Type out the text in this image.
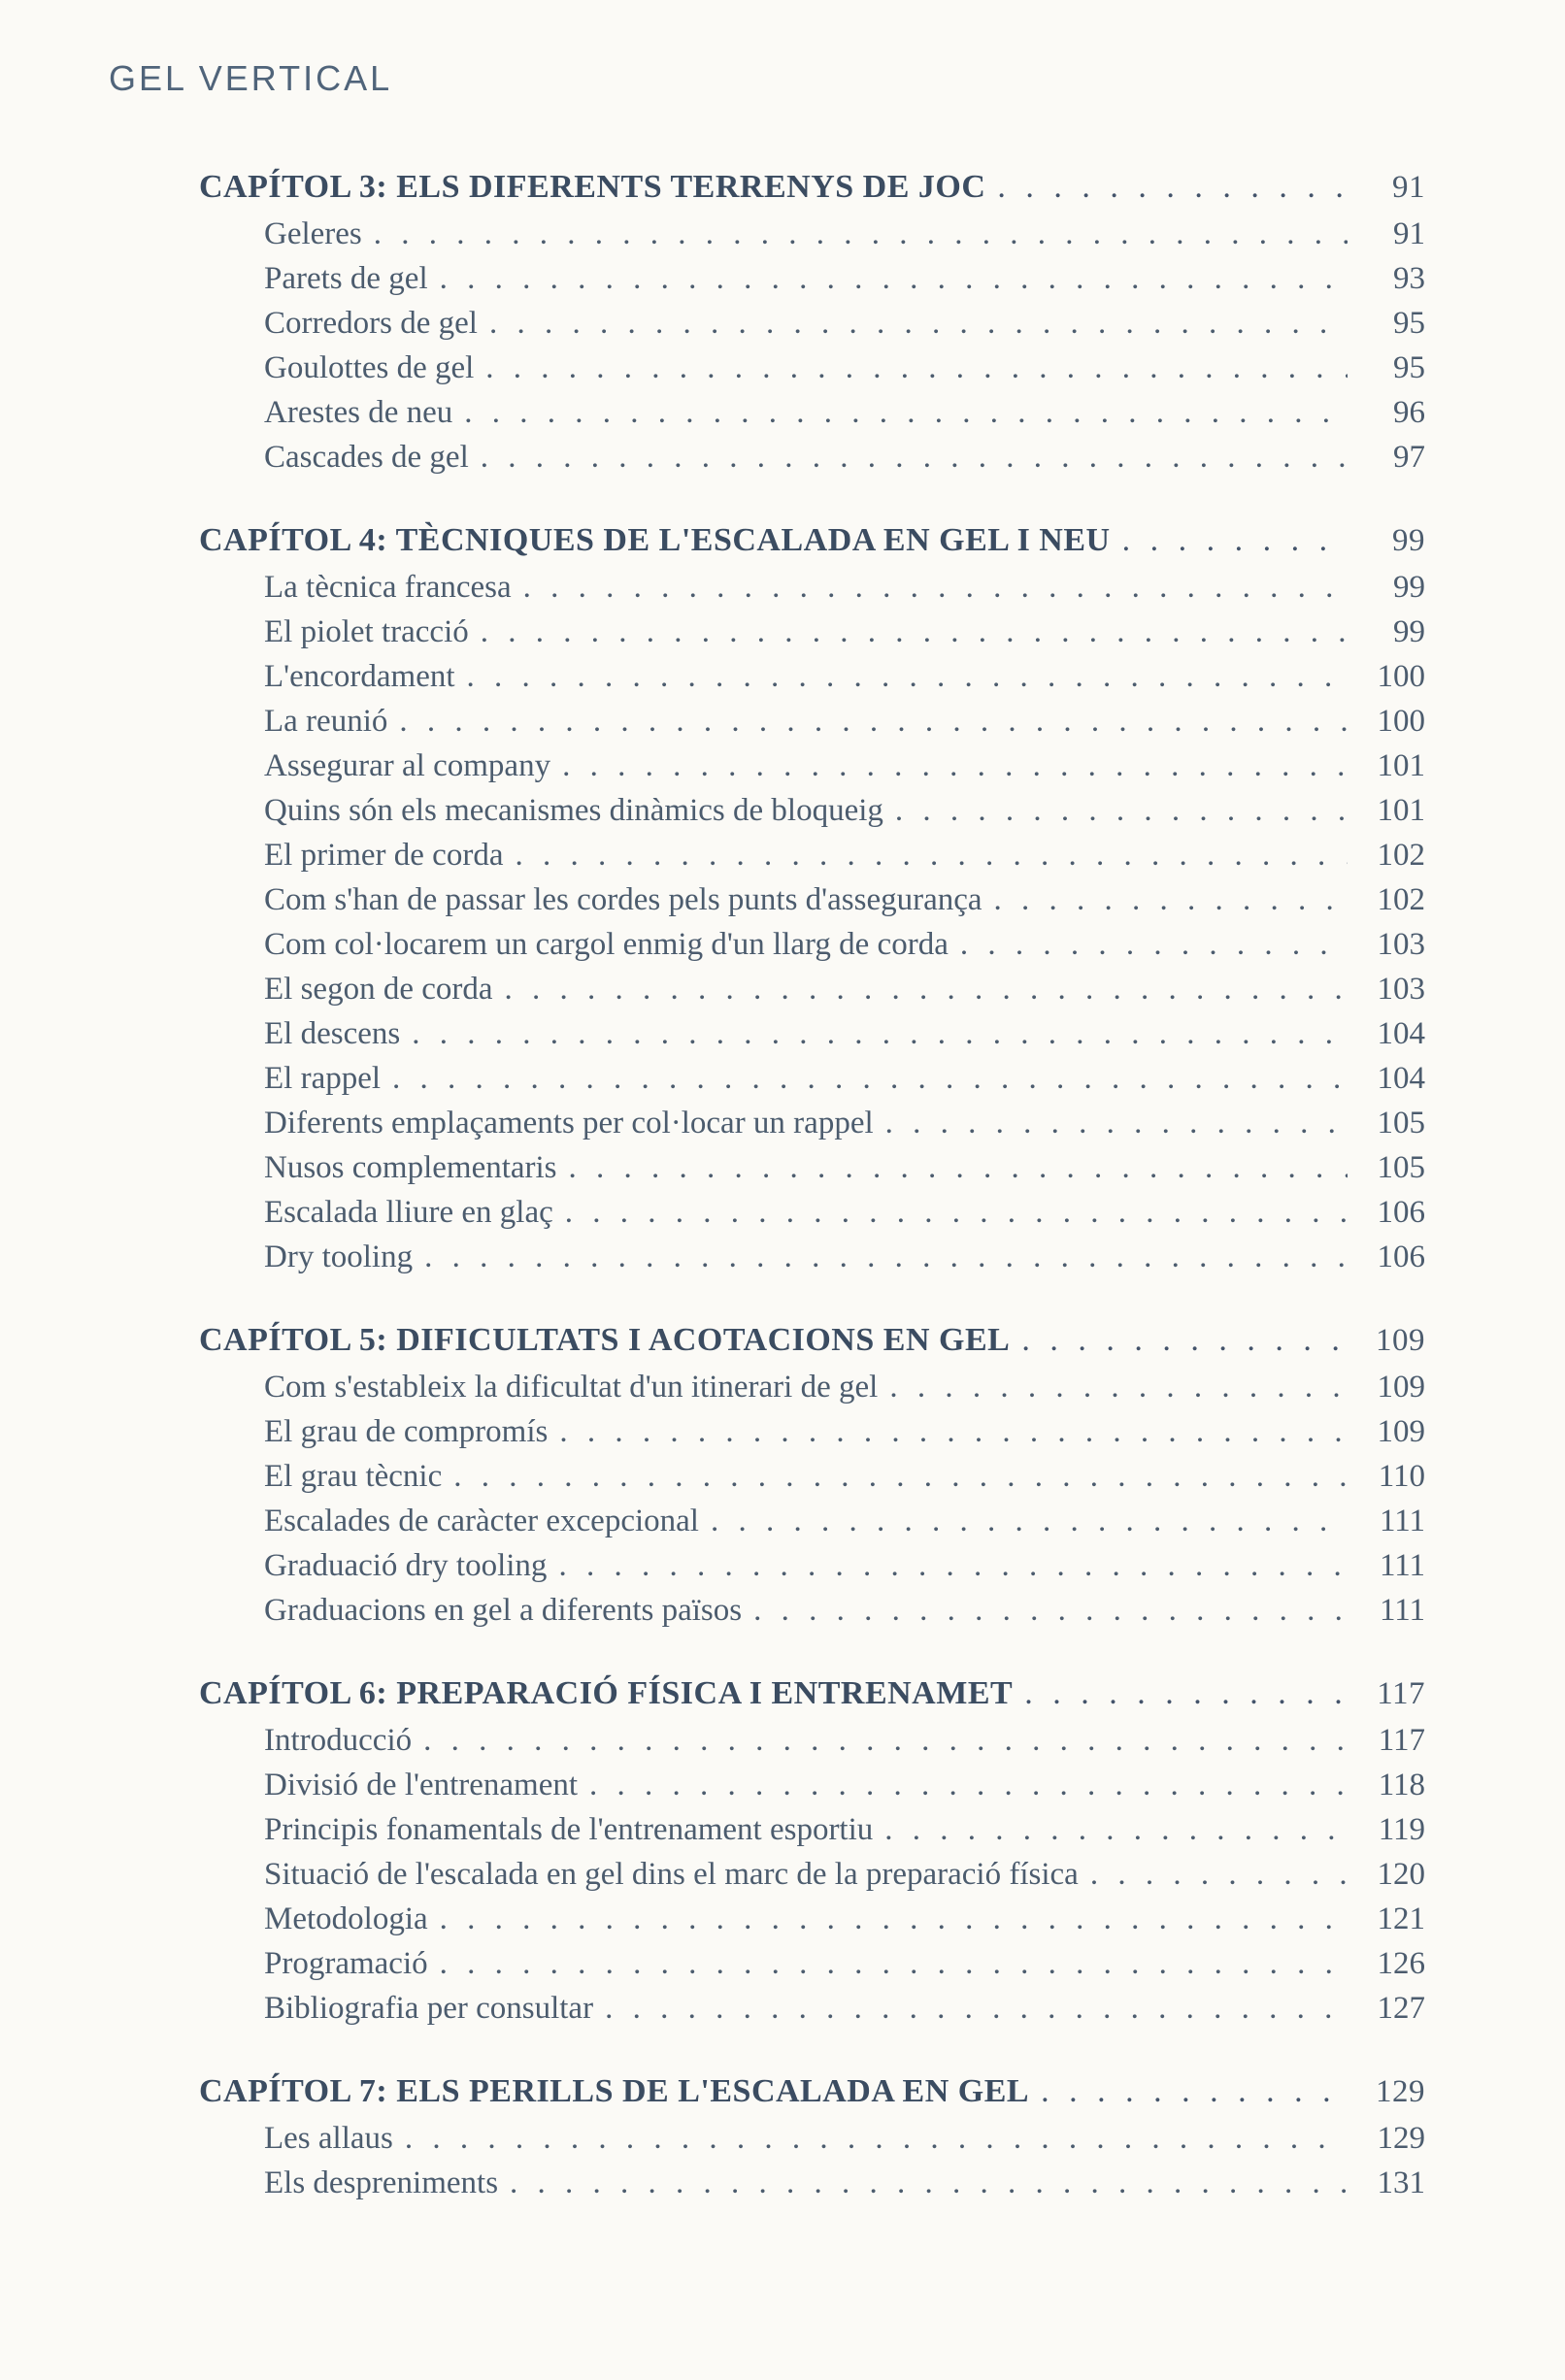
GEL VERTICAL
CAPÍTOL 3: ELS DIFERENTS TERRENYS DE JOC . . .	91
Geleres . . .	91
Parets de gel . . .	93
Corredors de gel . . .	95
Goulottes de gel . . .	95
Arestes de neu . . .	96
Cascades de gel . . .	97
CAPÍTOL 4: TÈCNIQUES DE L'ESCALADA EN GEL I NEU . . .	99
La tècnica francesa . . .	99
El piolet tracció . . .	99
L'encordament . . .	100
La reunió . . .	100
Assegurar al company . . .	101
Quins són els mecanismes dinàmics de bloqueig . . .	101
El primer de corda . . .	102
Com s'han de passar les cordes pels punts d'assegurança . . .	102
Com col·locarem un cargol enmig d'un llarg de corda . . .	103
El segon de corda . . .	103
El descens . . .	104
El rappel . . .	104
Diferents emplaçaments per col·locar un rappel . . .	105
Nusos complementaris . . .	105
Escalada lliure en glaç . . .	106
Dry tooling . . .	106
CAPÍTOL 5: DIFICULTATS I ACOTACIONS EN GEL . . .	109
Com s'estableix la dificultat d'un itinerari de gel . . .	109
El grau de compromís . . .	109
El grau tècnic . . .	110
Escalades de caràcter excepcional . . .	111
Graduació dry tooling . . .	111
Graduacions en gel a diferents països . . .	111
CAPÍTOL 6: PREPARACIÓ FÍSICA I ENTRENAMET . . .	117
Introducció . . .	117
Divisió de l'entrenament . . .	118
Principis fonamentals de l'entrenament esportiu . . .	119
Situació de l'escalada en gel dins el marc de la preparació física . . .	120
Metodologia . . .	121
Programació . . .	126
Bibliografia per consultar . . .	127
CAPÍTOL 7: ELS PERILLS DE L'ESCALADA EN GEL . . .	129
Les allaus . . .	129
Els despreniments . . .	131
